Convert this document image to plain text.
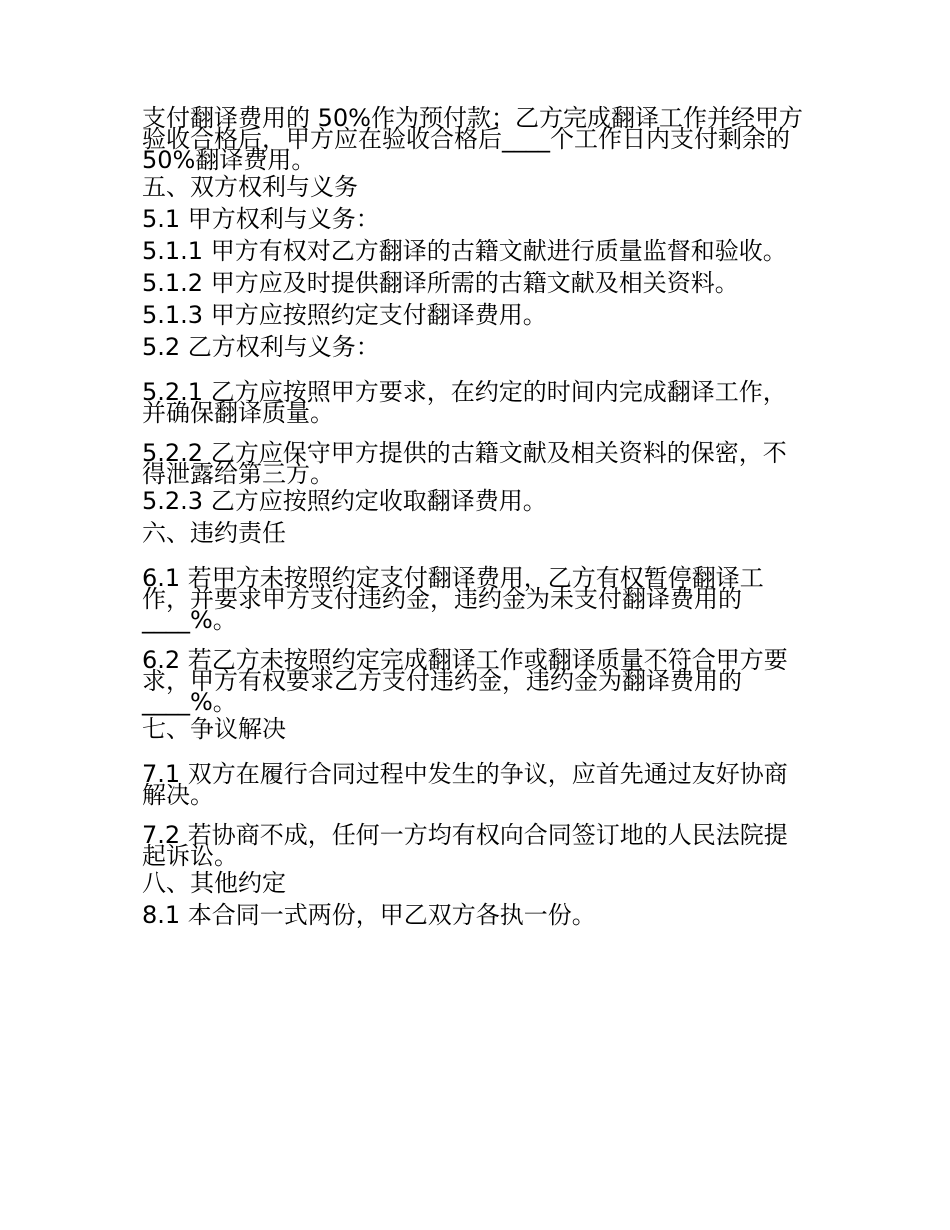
支付翻译费用的 50%作为预付款；乙方完成翻译工作并经甲方验收合格后，甲方应在验收合格后____个工作日内支付剩余的 50%翻译费用。

五、双方权利与义务

5.1 甲方权利与义务：

5.1.1 甲方有权对乙方翻译的古籍文献进行质量监督和验收。

5.1.2 甲方应及时提供翻译所需的古籍文献及相关资料。

5.1.3 甲方应按照约定支付翻译费用。

5.2 乙方权利与义务：

5.2.1 乙方应按照甲方要求，在约定的时间内完成翻译工作，并确保翻译质量。

5.2.2 乙方应保守甲方提供的古籍文献及相关资料的保密，不得泄露给第三方。

5.2.3 乙方应按照约定收取翻译费用。

六、违约责任

6.1 若甲方未按照约定支付翻译费用，乙方有权暂停翻译工作，并要求甲方支付违约金，违约金为未支付翻译费用的____%。

6.2 若乙方未按照约定完成翻译工作或翻译质量不符合甲方要求，甲方有权要求乙方支付违约金，违约金为翻译费用的____%。

七、争议解决

7.1 双方在履行合同过程中发生的争议，应首先通过友好协商解决。

7.2 若协商不成，任何一方均有权向合同签订地的人民法院提起诉讼。

八、其他约定

8.1 本合同一式两份，甲乙双方各执一份。
